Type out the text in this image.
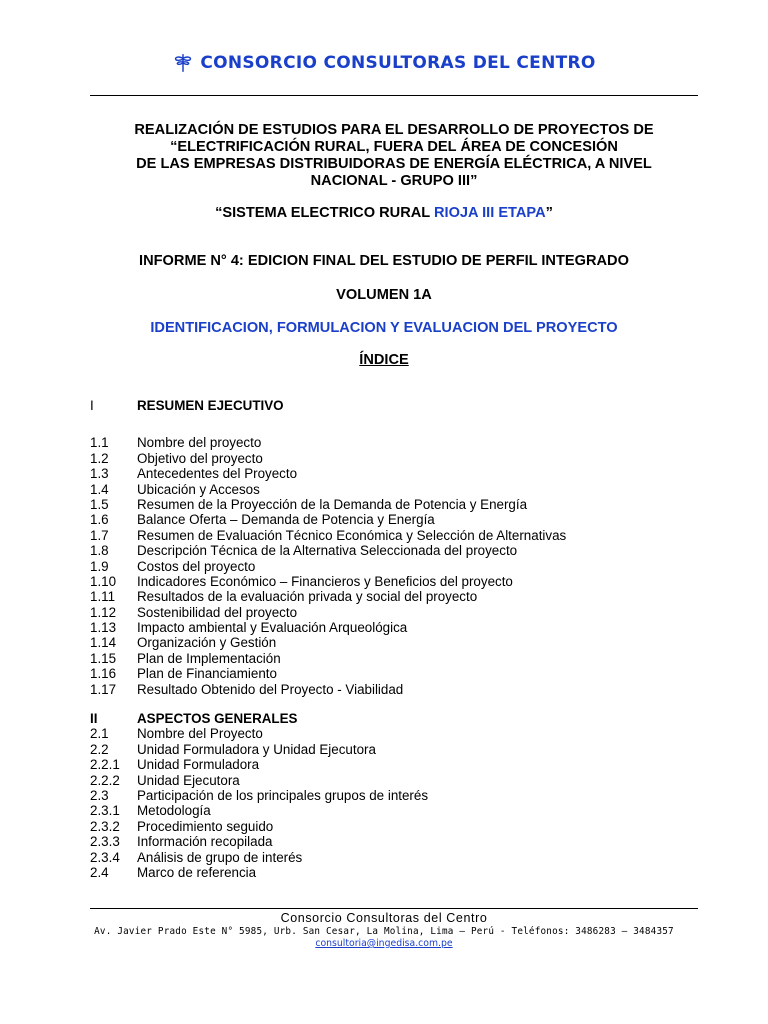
CONSORCIO CONSULTORAS DEL CENTRO
REALIZACIÓN DE ESTUDIOS PARA EL DESARROLLO DE PROYECTOS DE
“ELECTRIFICACIÓN RURAL, FUERA DEL ÁREA DE CONCESIÓN
DE LAS EMPRESAS DISTRIBUIDORAS DE ENERGÍA ELÉCTRICA, A NIVEL
NACIONAL - GRUPO III”
“SISTEMA ELECTRICO RURAL RIOJA III ETAPA”
INFORME N° 4: EDICION FINAL DEL ESTUDIO DE PERFIL INTEGRADO
VOLUMEN 1A
IDENTIFICACION, FORMULACION Y EVALUACION DEL PROYECTO
ÍNDICE
I	RESUMEN EJECUTIVO
1.1	Nombre del proyecto
1.2	Objetivo del proyecto
1.3	Antecedentes del Proyecto
1.4	Ubicación y Accesos
1.5	Resumen de la Proyección de la Demanda de Potencia y Energía
1.6	Balance Oferta – Demanda de Potencia y Energía
1.7	Resumen de Evaluación Técnico Económica y Selección de Alternativas
1.8	Descripción Técnica de la Alternativa Seleccionada del proyecto
1.9	Costos del proyecto
1.10	Indicadores Económico – Financieros y Beneficios del proyecto
1.11	Resultados de la evaluación privada y social del proyecto
1.12	Sostenibilidad del proyecto
1.13	Impacto ambiental y Evaluación Arqueológica
1.14	Organización y Gestión
1.15	Plan de Implementación
1.16	Plan de Financiamiento
1.17	Resultado Obtenido del Proyecto - Viabilidad
II	ASPECTOS GENERALES
2.1	Nombre del Proyecto
2.2	Unidad Formuladora y Unidad Ejecutora
2.2.1	Unidad Formuladora
2.2.2	Unidad Ejecutora
2.3	Participación de los principales grupos de interés
2.3.1	Metodología
2.3.2	Procedimiento seguido
2.3.3	Información recopilada
2.3.4	Análisis de grupo de interés
2.4	Marco de referencia
Consorcio Consultoras del Centro
Av. Javier Prado Este N° 5985, Urb. San Cesar, La Molina, Lima – Perú - Teléfonos: 3486283 – 3484357
consultoria@ingedisa.com.pe
